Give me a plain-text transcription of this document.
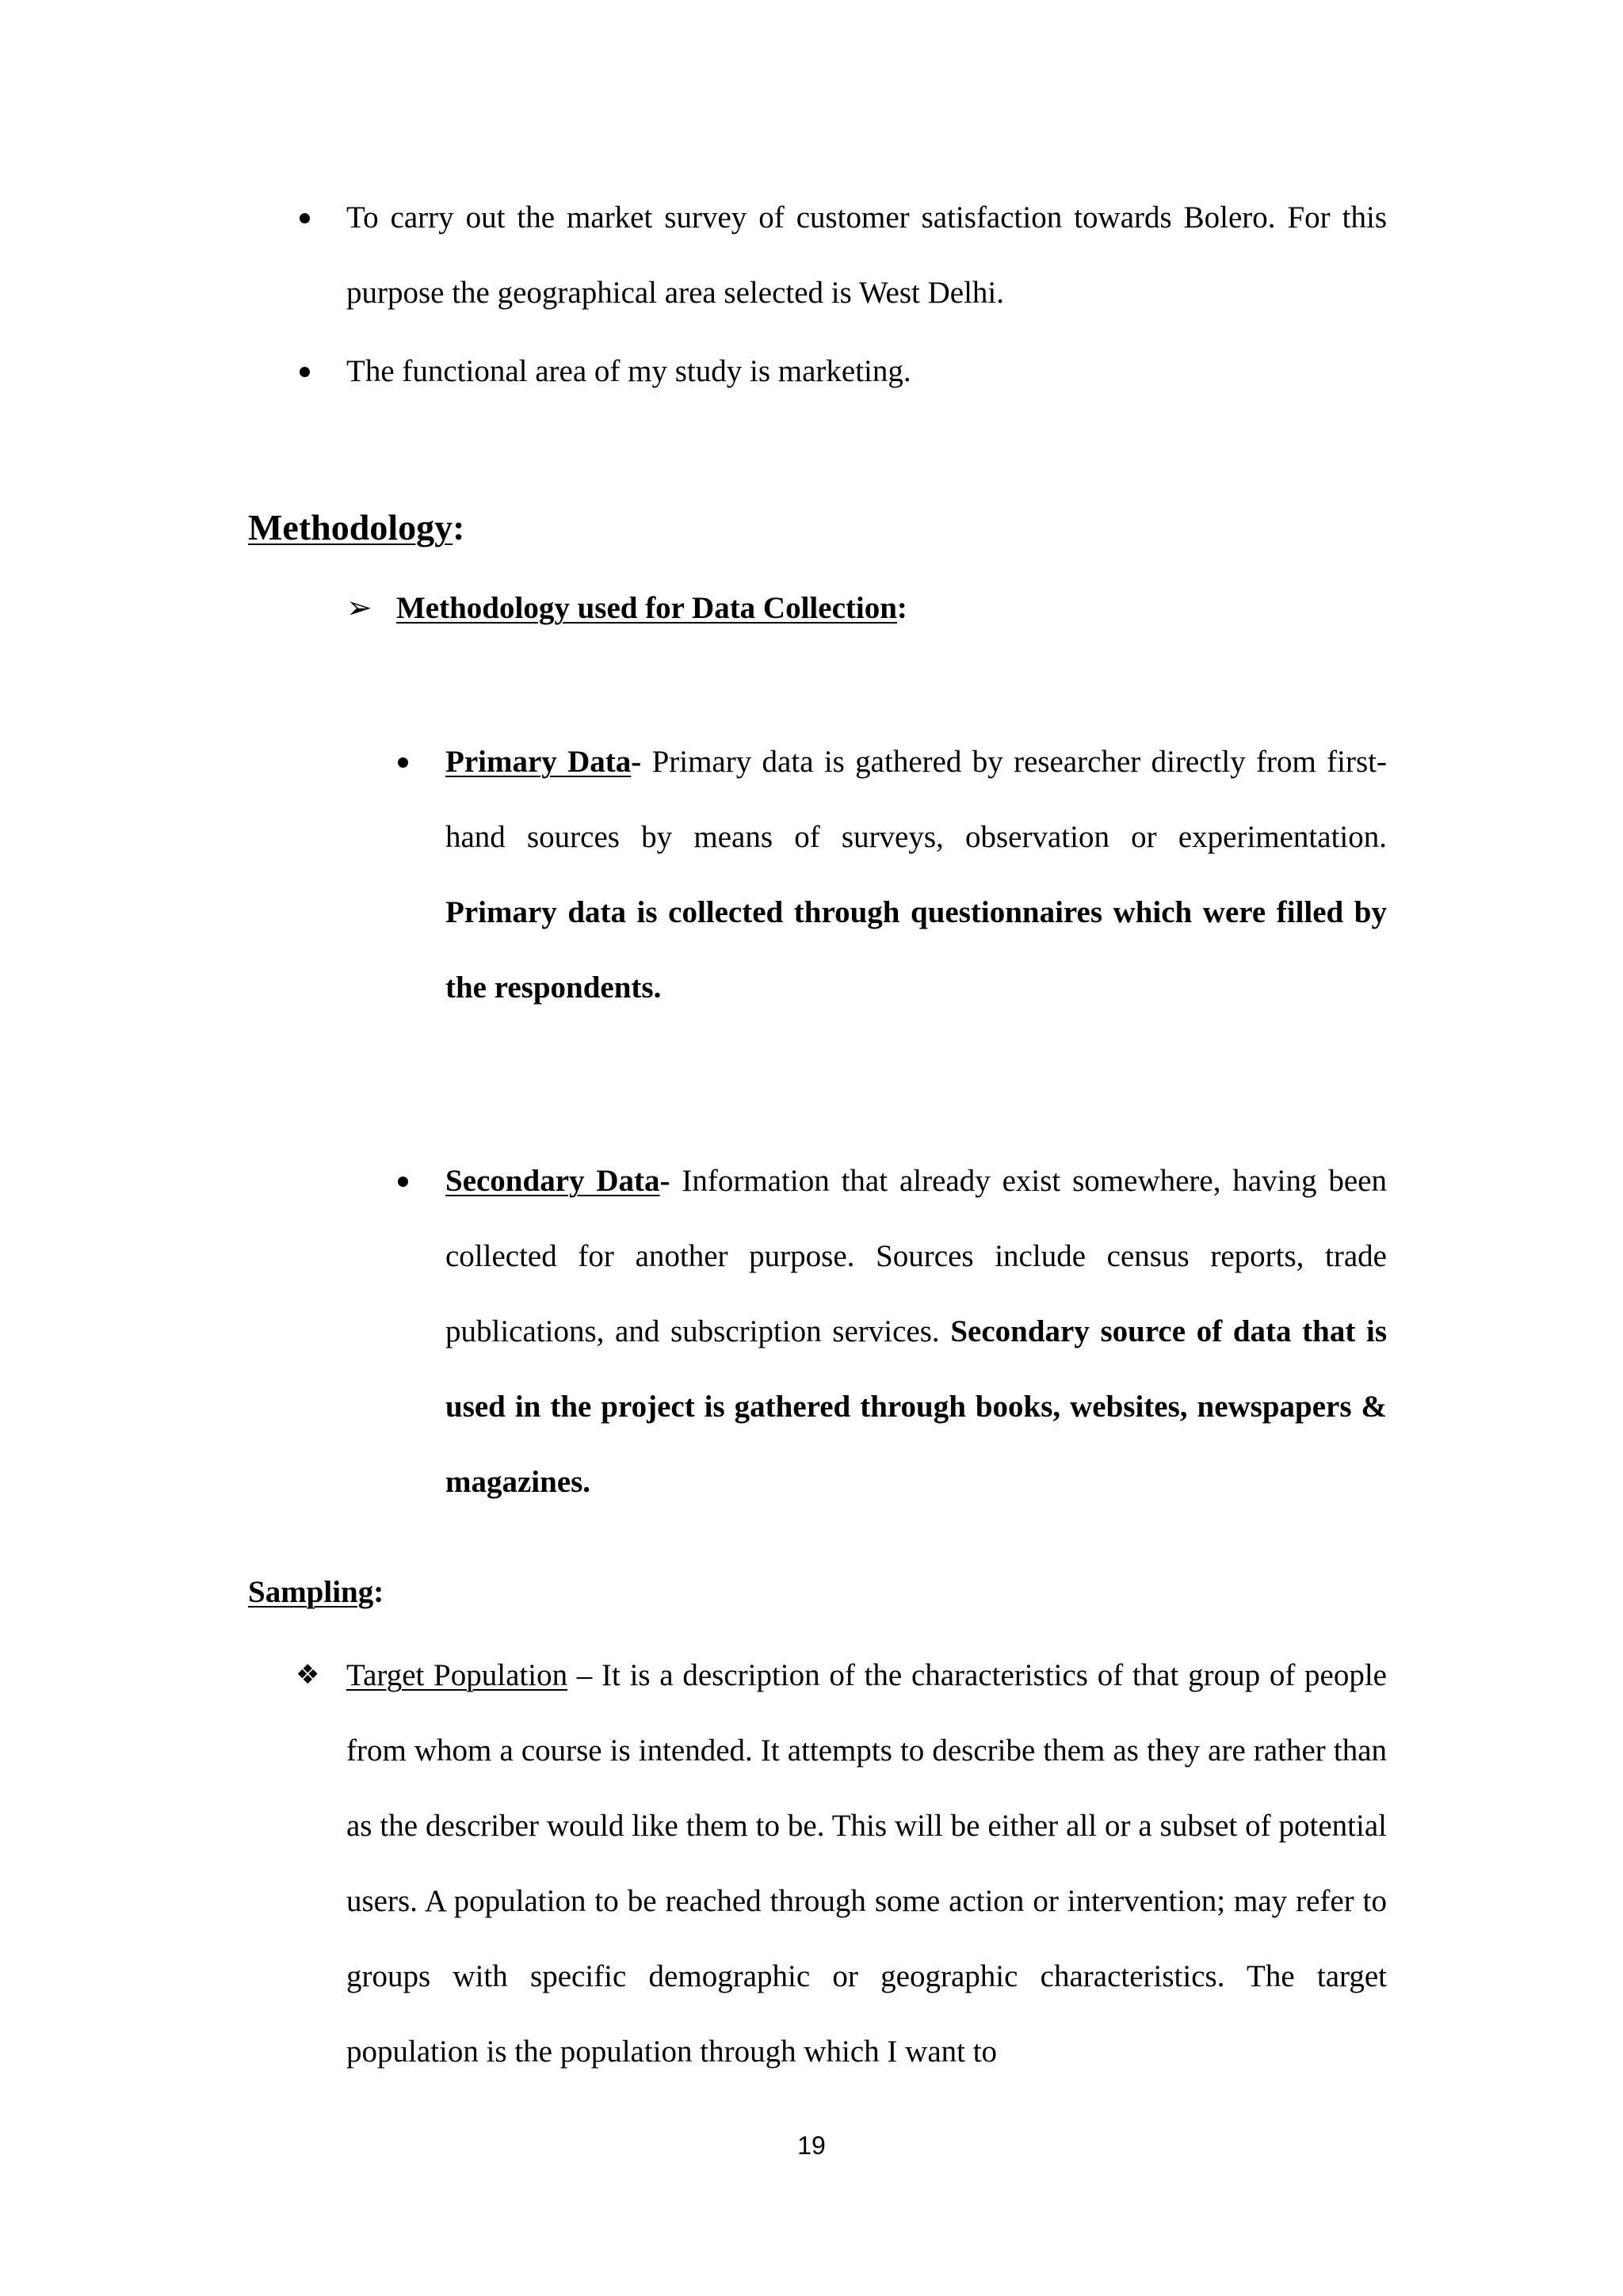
To carry out the market survey of customer satisfaction towards Bolero. For this purpose the geographical area selected is West Delhi.

The functional area of my study is marketing.

Methodology:
➢ Methodology used for Data Collection:

Primary Data- Primary data is gathered by researcher directly from first-hand sources by means of surveys, observation or experimentation. Primary data is collected through questionnaires which were filled by the respondents.

Secondary Data- Information that already exist somewhere, having been collected for another purpose. Sources include census reports, trade publications, and subscription services. Secondary source of data that is used in the project is gathered through books, websites, newspapers & magazines.

Sampling:
❖ Target Population – It is a description of the characteristics of that group of people from whom a course is intended. It attempts to describe them as they are rather than as the describer would like them to be. This will be either all or a subset of potential users. A population to be reached through some action or intervention; may refer to groups with specific demographic or geographic characteristics. The target population is the population through which I want to

19
